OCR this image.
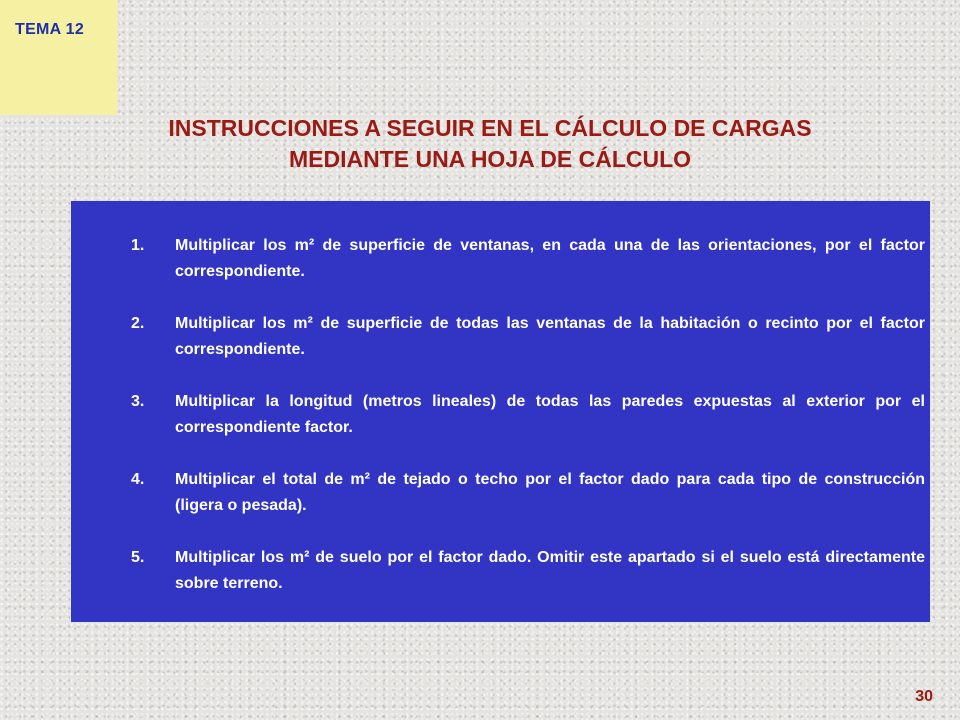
TEMA 12
INSTRUCCIONES A SEGUIR EN EL CÁLCULO DE CARGAS
MEDIANTE UNA HOJA DE CÁLCULO
1. Multiplicar los m² de superficie de ventanas, en cada una de las orientaciones, por el factor correspondiente.
2. Multiplicar los m² de superficie de todas las ventanas de la habitación o recinto por el factor correspondiente.
3. Multiplicar la longitud (metros lineales) de todas las paredes expuestas al exterior por el correspondiente factor.
4. Multiplicar el total de m² de tejado o techo por el factor dado para cada tipo de construcción (ligera o pesada).
5. Multiplicar los m² de suelo por el factor dado. Omitir este apartado si el suelo está directamente sobre terreno.
30
